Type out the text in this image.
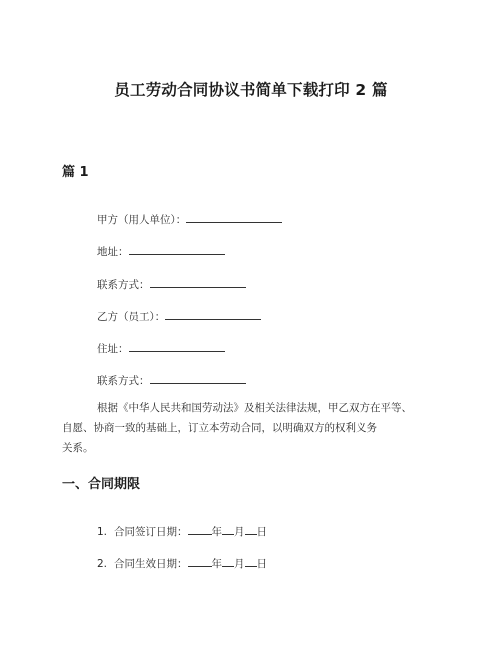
员工劳动合同协议书简单下载打印 2 篇
篇 1
甲方（用人单位）：
地址：
联系方式：
乙方（员工）：
住址：
联系方式：
根据《中华人民共和国劳动法》及相关法律法规，甲乙双方在平等、
自愿、协商一致的基础上，订立本劳动合同，以明确双方的权利义务
关系。
一、合同期限
1. 合同签订日期： 年 月 日
2. 合同生效日期： 年 月 日
